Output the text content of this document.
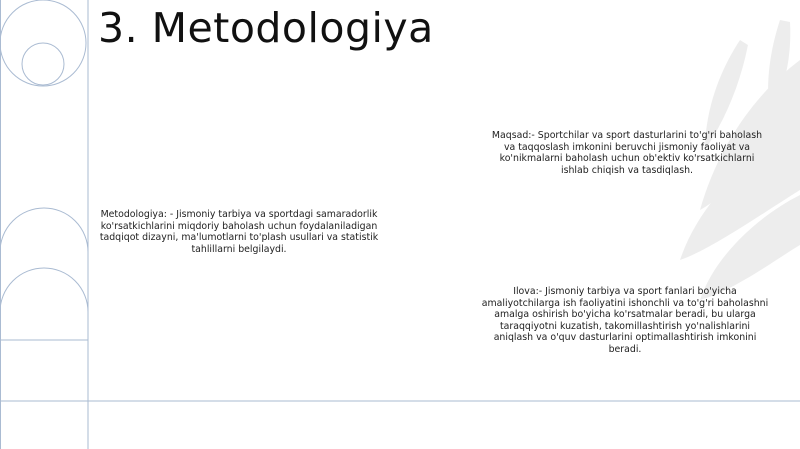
3. Metodologiya
Maqsad:- Sportchilar va sport dasturlarini to'g'ri baholash va taqqoslash imkonini beruvchi jismoniy faoliyat va ko'nikmalarni baholash uchun ob'ektiv ko'rsatkichlarni ishlab chiqish va tasdiqlash.
Metodologiya: - Jismoniy tarbiya va sportdagi samaradorlik ko'rsatkichlarini miqdoriy baholash uchun foydalaniladigan tadqiqot dizayni, ma'lumotlarni to'plash usullari va statistik tahlillarni belgilaydi.
Ilova:- Jismoniy tarbiya va sport fanlari bo'yicha amaliyotchilarga ish faoliyatini ishonchli va to'g'ri baholashni amalga oshirish bo'yicha ko'rsatmalar beradi, bu ularga taraqqiyotni kuzatish, takomillashtirish yo'nalishlarini aniqlash va o'quv dasturlarini optimallashtirish imkonini beradi.
